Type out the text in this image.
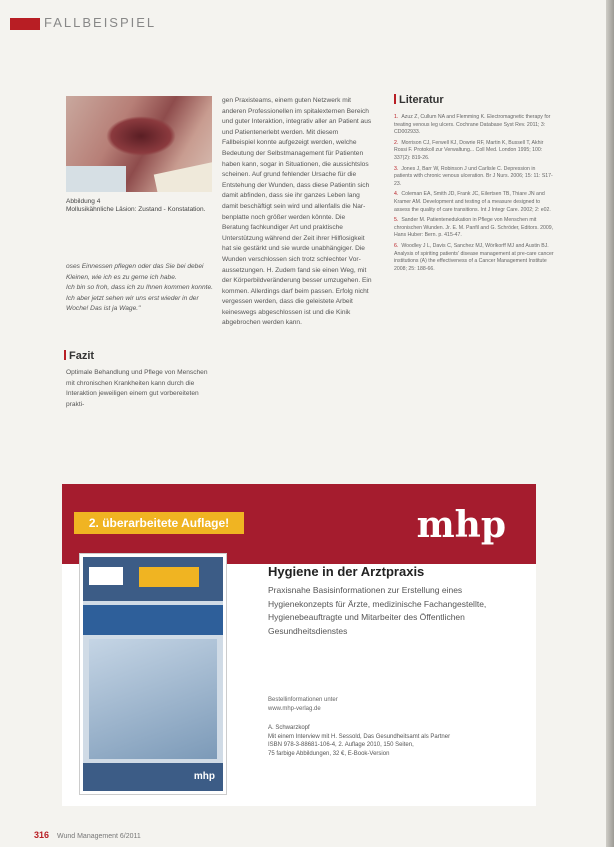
FALLBEISPIEL
Abbildung 4
Mollusikähnliche Läsion: Zustand - Konstatation.
oses Einnessen pflegen oder das Sie bei debei Kleinen, wie ich es zu gerne ich habe.
Ich bin so froh, dass ich zu Ihnen kommen konnte. Ich aber jetzt sehen wir uns erst wieder in der Woche! Das ist ja Wage."
Fazit
Optimale Behandlung und Pflege von Menschen mit chronischen Krankheiten kann durch die Interaktion jeweiligen einem gut vorbereiteten prakti-
gen Praxisteams, einem guten Netzwerk mit anderen Professionellen im spitalexternen Bereich und guter Interaktion, integrativ aller an Patient aus und Patientenerlebt werden. Mit diesem Fallbeispiel konnte aufgezeigt werden, welche Bedeutung der Selbstmanagement für Patienten haben kann, sogar in Situationen, die aussichtslos scheinen. Auf grund fehlender Ursache für die Entstehung der Wunden, dass diese Patientin sich damit abfinden, dass sie ihr ganzes Leben lang damit beschäftigt sein wird und allenfalls die Narbenplatte noch größer werden könnte. Die Beratung fachkundiger Art und praktische Unterstützung während der Zeit ihrer Hilflosigkeit hat sie gestärkt und sie wurde unabhängiger. Die Wunden verschlossen sich trotz schlechter Voraussetzungen. H. Zudem fand sie einen Weg, mit der Körperbildveränderung besser umzugehen. Ein kommen. Allerdings darf beim passen. Erfolg nicht vergessen werden, dass die geleistete Arbeit keineswegs abgeschlossen ist und die Kinik abgebrochen werden kann.
Literatur
1. Azuz Z, Cullum NA and Flemming K. Electromagnetic therapy for treating venous leg ulcers. Cochrane Database Syst Rev. 2011; 3: CD002933.
2. Morrison CJ, Ferwell KJ, Dowrie RF, Martin K, Bussell T, Akhir Rossi F. Protokoll zur Verwaltung... Coll Med. London 1995; 100: 337(2): 819-26.
3. Jones J, Barr W, Robinson J und Carlisle C. Depression in patients with chronic venous ulceration. Br J Nurs. 2006; 15: 11: S17-23.
4. Coleman EA, Smith JD, Frank JC, Eilertsen TB, Thiare JN and Kramer AM. Development and testing of a measure designed to assess the quality of care transitions. Int J Integr Care. 2002; 2: e02.
5. Sander M. Patientenedukation in Pflege von Menschen mit chronischen Wunden. Jr. E. M. Panfil and G. Schröder, Editors. 2009, Hans Huber: Bern. p. 415-47.
6. Woodley J L, Davis C, Sanchez MJ, Wörlkorff MJ and Austin BJ. Analysis of spiriting patients' disease management at pre-care cancer institutions (A) the effectiveness of a Cancer Management Institute 2008; 25: 188-66.
2. überarbeitete Auflage!	mhp
mhp
Hygiene in der Arztpraxis
Praxisnahe Basisinformationen zur Erstellung eines Hygienekonzepts für Ärzte, medizinische Fachangestellte, Hygienebeauftragte und Mitarbeiter des Öffentlichen Gesundheitsdienstes
Bestellinformationen unter
www.mhp-verlag.de
A. Schwarzkopf
Mit einem Interview mit H. Sessold, Das Gesundheitsamt als Partner
ISBN 978-3-88681-106-4, 2. Auflage 2010, 150 Seiten,
75 farbige Abbildungen, 32 €, E-Book-Version
316 Wund Management 6/2011
